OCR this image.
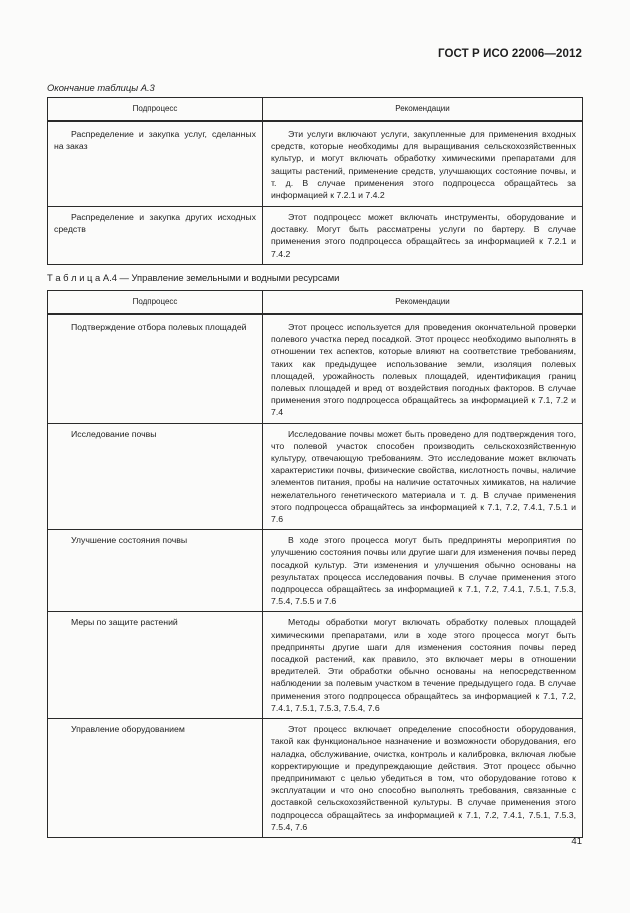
ГОСТ Р ИСО 22006—2012
Окончание таблицы А.3
Подпроцесс	Рекомендации

Распределение и закупка услуг, сделанных на заказ	Эти услуги включают услуги, закупленные для применения входных средств, которые необходимы для выращивания сельскохозяйственных культур, и могут включать обработку химическими препаратами для защиты растений, применение средств, улучшающих состояние почвы, и т. д. В случае применения этого подпроцесса обращайтесь за информацией к 7.2.1 и 7.4.2

Распределение и закупка других исходных средств	Этот подпроцесс может включать инструменты, оборудование и доставку. Могут быть рассматрены услуги по бартеру. В случае применения этого подпроцесса обращайтесь за информацией к 7.2.1 и 7.4.2
Т а б л и ц а А.4 — Управление земельными и водными ресурсами
Подпроцесс	Рекомендации

Подтверждение отбора полевых площадей	Этот процесс используется для проведения окончательной проверки полевого участка перед посадкой. Этот процесс необходимо выполнять в отношении тех аспектов, которые влияют на соответствие требованиям, таких как предыдущее использование земли, изоляция полевых площадей, урожайность полевых площадей, идентификация границ полевых площадей и вред от воздействия погодных факторов. В случае применения этого подпроцесса обращайтесь за информацией к 7.1, 7.2 и 7.4

Исследование почвы	Исследование почвы может быть проведено для подтверждения того, что полевой участок способен производить сельскохозяйственную культуру, отвечающую требованиям. Это исследование может включать характеристики почвы, физические свойства, кислотность почвы, наличие элементов питания, пробы на наличие остаточных химикатов, на наличие нежелательного генетического материала и т. д. В случае применения этого подпроцесса обращайтесь за информацией к 7.1, 7.2, 7.4.1, 7.5.1 и 7.6

Улучшение состояния почвы	В ходе этого процесса могут быть предприняты мероприятия по улучшению состояния почвы или другие шаги для изменения почвы перед посадкой культур. Эти изменения и улучшения обычно основаны на результатах процесса исследования почвы. В случае применения этого подпроцесса обращайтесь за информацией к 7.1, 7.2, 7.4.1, 7.5.1, 7.5.3, 7.5.4, 7.5.5 и 7.6

Меры по защите растений	Методы обработки могут включать обработку полевых площадей химическими препаратами, или в ходе этого процесса могут быть предприняты другие шаги для изменения состояния почвы перед посадкой растений, как правило, это включает меры в отношении вредителей. Эти обработки обычно основаны на непосредственном наблюдении за полевым участком в течение предыдущего года. В случае применения этого подпроцесса обращайтесь за информацией к 7.1, 7.2, 7.4.1, 7.5.1, 7.5.3, 7.5.4, 7.6

Управление оборудованием	Этот процесс включает определение способности оборудования, такой как функциональное назначение и возможности оборудования, его наладка, обслуживание, очистка, контроль и калибровка, включая любые корректирующие и предупреждающие действия. Этот процесс обычно предпринимают с целью убедиться в том, что оборудование готово к эксплуатации и что оно способно выполнять требования, связанные с доставкой сельскохозяйственной культуры. В случае применения этого подпроцесса обращайтесь за информацией к 7.1, 7.2, 7.4.1, 7.5.1, 7.5.3, 7.5.4, 7.6
41
